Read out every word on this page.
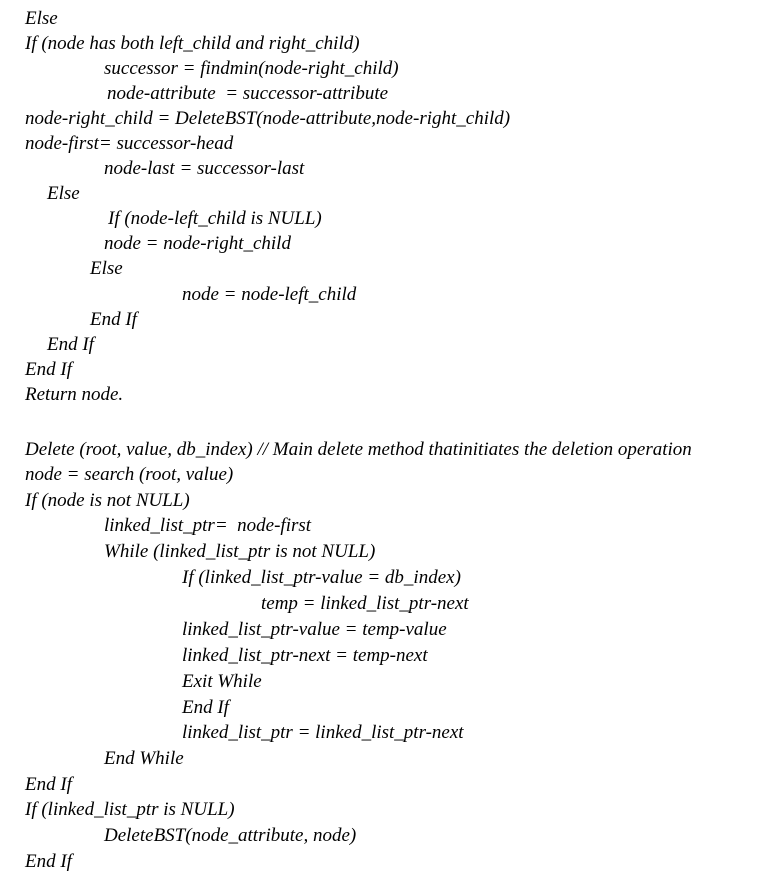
Else
If (node has both left_child and right_child)
successor = findmin(node-right_child)
node-attribute  = successor-attribute
node-right_child = DeleteBST(node-attribute,node-right_child)
node-first= successor-head
node-last = successor-last
Else
If (node-left_child is NULL)
node = node-right_child
Else
node = node-left_child
End If
End If
End If
Return node.
Delete (root, value, db_index) // Main delete method thatinitiates the deletion operation
node = search (root, value)
If (node is not NULL)
linked_list_ptr=  node-first
While (linked_list_ptr is not NULL)
If (linked_list_ptr-value = db_index)
temp = linked_list_ptr-next
linked_list_ptr-value = temp-value
linked_list_ptr-next = temp-next
Exit While
End If
linked_list_ptr = linked_list_ptr-next
End While
End If
If (linked_list_ptr is NULL)
DeleteBST(node_attribute, node)
End If
